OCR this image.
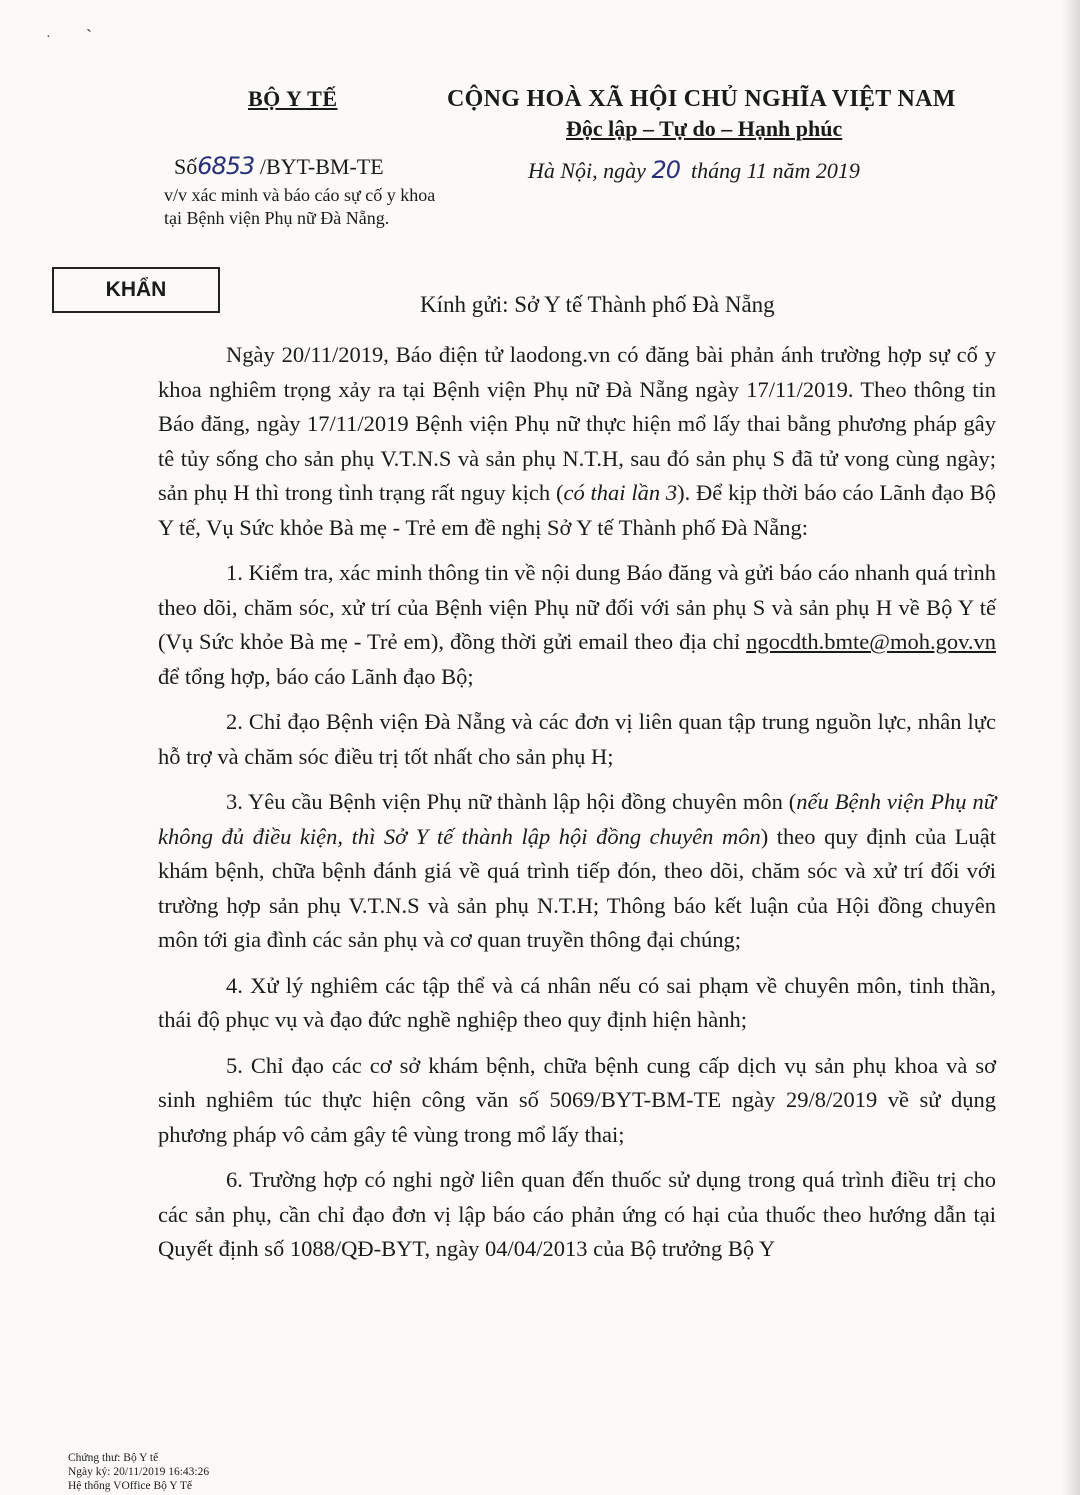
· ˋ
BỘ Y TẾ	CỘNG HOÀ XÃ HỘI CHỦ NGHĨA VIỆT NAM
Độc lập – Tự do – Hạnh phúc
Số6853 /BYT-BM-TE
v/v xác minh và báo cáo sự cố y khoa tại Bệnh viện Phụ nữ Đà Nẵng.
Hà Nội, ngày 20 tháng 11 năm 2019
KHẨN
Kính gửi: Sở Y tế Thành phố Đà Nẵng

Ngày 20/11/2019, Báo điện tử laodong.vn có đăng bài phản ánh trường hợp sự cố y khoa nghiêm trọng xảy ra tại Bệnh viện Phụ nữ Đà Nẵng ngày 17/11/2019. Theo thông tin Báo đăng, ngày 17/11/2019 Bệnh viện Phụ nữ thực hiện mổ lấy thai bằng phương pháp gây tê tủy sống cho sản phụ V.T.N.S và sản phụ N.T.H, sau đó sản phụ S đã tử vong cùng ngày; sản phụ H thì trong tình trạng rất nguy kịch (có thai lần 3). Để kịp thời báo cáo Lãnh đạo Bộ Y tế, Vụ Sức khỏe Bà mẹ - Trẻ em đề nghị Sở Y tế Thành phố Đà Nẵng:

1. Kiểm tra, xác minh thông tin về nội dung Báo đăng và gửi báo cáo nhanh quá trình theo dõi, chăm sóc, xử trí của Bệnh viện Phụ nữ đối với sản phụ S và sản phụ H về Bộ Y tế (Vụ Sức khỏe Bà mẹ - Trẻ em), đồng thời gửi email theo địa chỉ ngocdth.bmte@moh.gov.vn để tổng hợp, báo cáo Lãnh đạo Bộ;

2. Chỉ đạo Bệnh viện Đà Nẵng và các đơn vị liên quan tập trung nguồn lực, nhân lực hỗ trợ và chăm sóc điều trị tốt nhất cho sản phụ H;

3. Yêu cầu Bệnh viện Phụ nữ thành lập hội đồng chuyên môn (nếu Bệnh viện Phụ nữ không đủ điều kiện, thì Sở Y tế thành lập hội đồng chuyên môn) theo quy định của Luật khám bệnh, chữa bệnh đánh giá về quá trình tiếp đón, theo dõi, chăm sóc và xử trí đối với trường hợp sản phụ V.T.N.S và sản phụ N.T.H; Thông báo kết luận của Hội đồng chuyên môn tới gia đình các sản phụ và cơ quan truyền thông đại chúng;

4. Xử lý nghiêm các tập thể và cá nhân nếu có sai phạm về chuyên môn, tinh thần, thái độ phục vụ và đạo đức nghề nghiệp theo quy định hiện hành;

5. Chỉ đạo các cơ sở khám bệnh, chữa bệnh cung cấp dịch vụ sản phụ khoa và sơ sinh nghiêm túc thực hiện công văn số 5069/BYT-BM-TE ngày 29/8/2019 về sử dụng phương pháp vô cảm gây tê vùng trong mổ lấy thai;

6. Trường hợp có nghi ngờ liên quan đến thuốc sử dụng trong quá trình điều trị cho các sản phụ, cần chỉ đạo đơn vị lập báo cáo phản ứng có hại của thuốc theo hướng dẫn tại Quyết định số 1088/QĐ-BYT, ngày 04/04/2013 của Bộ trưởng Bộ Y

Chứng thư: Bộ Y tế
Ngày ký: 20/11/2019 16:43:26
Hệ thống VOffice Bộ Y Tế
